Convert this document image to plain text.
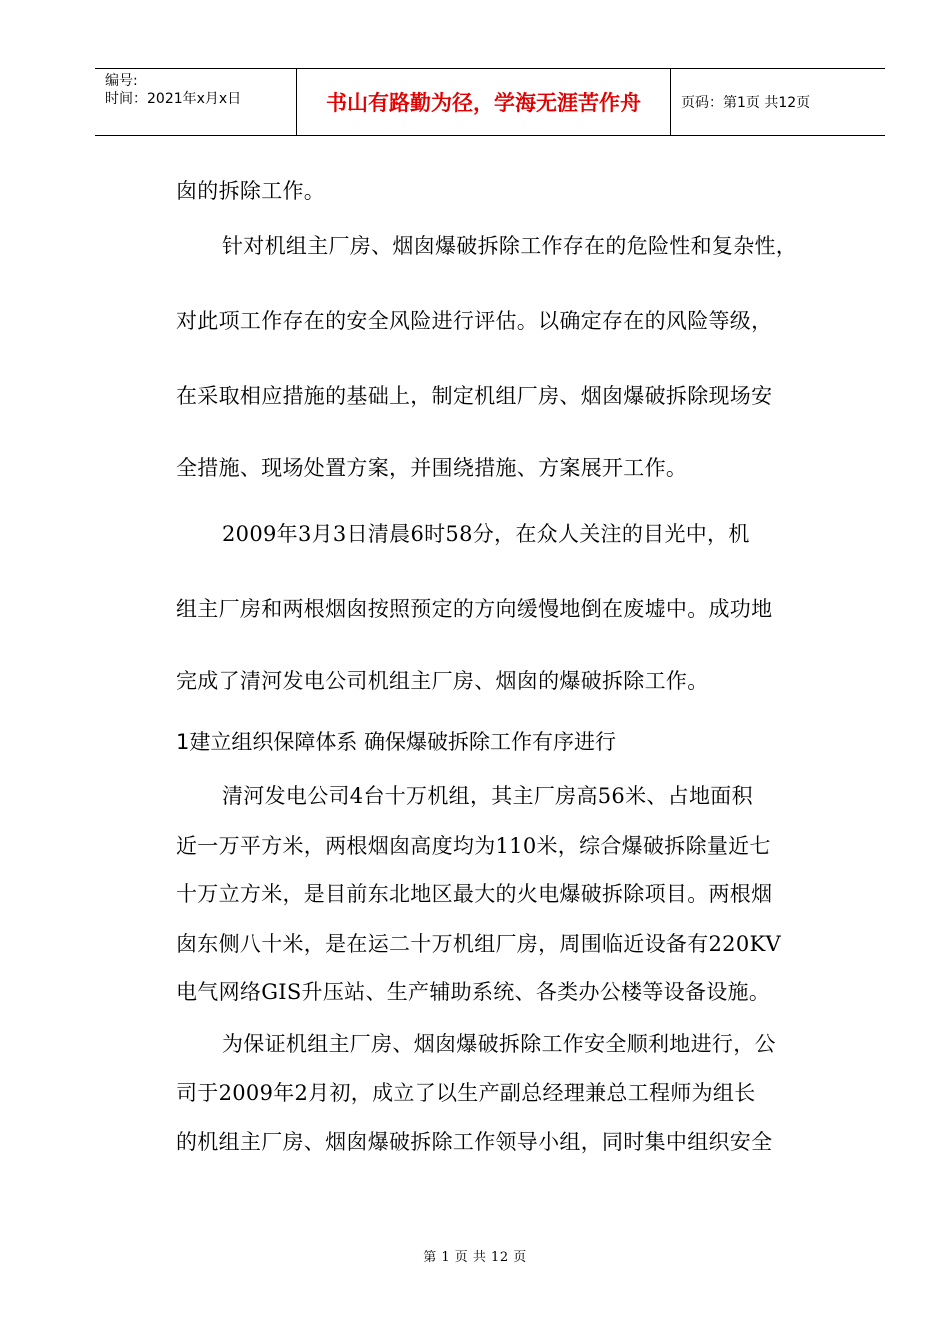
编号:
时间：2021年x月x日	书山有路勤为径，学海无涯苦作舟	页码：第1页 共12页
囱的拆除工作。
针对机组主厂房、烟囱爆破拆除工作存在的危险性和复杂性，
对此项工作存在的安全风险进行评估。以确定存在的风险等级，
在采取相应措施的基础上，制定机组厂房、烟囱爆破拆除现场安
全措施、现场处置方案，并围绕措施、方案展开工作。
2009年3月3日清晨6时58分，在众人关注的目光中，机
组主厂房和两根烟囱按照预定的方向缓慢地倒在废墟中。成功地
完成了清河发电公司机组主厂房、烟囱的爆破拆除工作。
1建立组织保障体系 确保爆破拆除工作有序进行
清河发电公司4台十万机组，其主厂房高56米、占地面积
近一万平方米，两根烟囱高度均为110米，综合爆破拆除量近七
十万立方米，是目前东北地区最大的火电爆破拆除项目。两根烟
囱东侧八十米，是在运二十万机组厂房，周围临近设备有220KV
电气网络GIS升压站、生产辅助系统、各类办公楼等设备设施。
为保证机组主厂房、烟囱爆破拆除工作安全顺利地进行，公
司于2009年2月初，成立了以生产副总经理兼总工程师为组长
的机组主厂房、烟囱爆破拆除工作领导小组，同时集中组织安全
第 1 页 共 12 页
